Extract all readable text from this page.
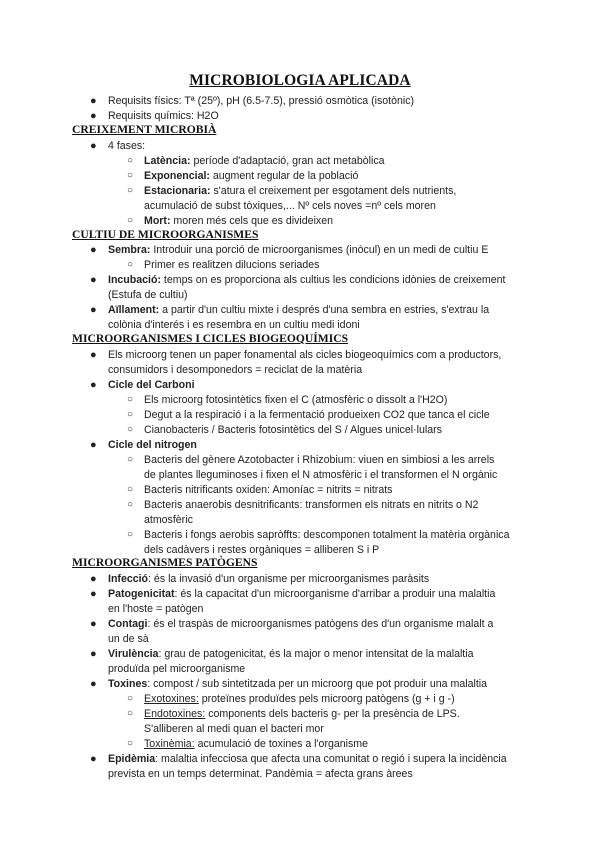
MICROBIOLOGIA APLICADA
● Requisits físics: Tª (25º), pH (6.5-7.5), pressió osmòtica (isotònic)
● Requisits químics: H2O
CREIXEMENT MICROBIÀ
● 4 fases:
○ Latència: període d'adaptació, gran act metabòlica
○ Exponencial: augment regular de la població
○ Estacionaria: s'atura el creixement per esgotament dels nutrients,
acumulació de subst tòxiques,... Nº cels noves =nº cels moren
○ Mort: moren més cels que es divideixen
CULTIU DE MICROORGANISMES
● Sembra: Introduir una porció de microorganismes (inòcul) en un medi de cultiu E
○ Primer es realitzen dilucions seriades
● Incubació: temps on es proporciona als cultius les condicions idònies de creixement
(Estufa de cultiu)
● Aïllament: a partir d'un cultiu mixte i després d'una sembra en estries, s'extrau la
colònia d'interés i es resembra en un cultiu medi idoni
MICROORGANISMES I CICLES BIOGEOQUÍMICS
● Els microorg tenen un paper fonamental als cicles biogeoquímics com a productors,
consumidors i desomponedors = reciclat de la matèria
● Cicle del Carboni
○ Els microorg fotosintètics fixen el C (atmosfèric o dissolt a l'H2O)
○ Degut a la respiració i a la fermentació produeixen CO2 que tanca el cicle
○ Cianobacteris / Bacteris fotosintètics del S / Algues unicel·lulars
● Cicle del nitrogen
○ Bacteris del gènere Azotobacter i Rhizobium: viuen en simbiosi a les arrels
de plantes lleguminoses i fixen el N atmosfèric i el transformen el N orgànic
○ Bacteris nitrificants oxiden: Amoníac = nitrits = nitrats
○ Bacteris anaerobis desnitrificants: transformen els nitrats en nitrits o N2
atmosfèric
○ Bacteris i fongs aerobis sapròffts: descomponen totalment la matèria orgànica
dels cadàvers i restes orgàniques = alliberen S i P
MICROORGANISMES PATÒGENS
● Infecció: és la invasió d'un organisme per microorganismes paràsits
● Patogenicitat: és la capacitat d'un microorganisme d'arribar a produir una malaltia
en l'hoste = patògen
● Contagi: és el traspàs de microorganismes patògens des d'un organisme malalt a
un de sà
● Virulència: grau de patogenicitat, és la major o menor intensitat de la malaltia
produïda pel microorganisme
● Toxines: compost / sub sintetitzada per un microorg que pot produir una malaltia
○ Exotoxines: proteïnes produïdes pels microorg patògens (g + i g -)
○ Endotoxines: components dels bacteris g- per la presència de LPS.
S'alliberen al medi quan el bacteri mor
○ Toxinèmia: acumulació de toxines a l'organisme
● Epidèmia: malaltia infecciosa que afecta una comunitat o regió i supera la incidència
prevista en un temps determinat. Pandèmia = afecta grans àrees
